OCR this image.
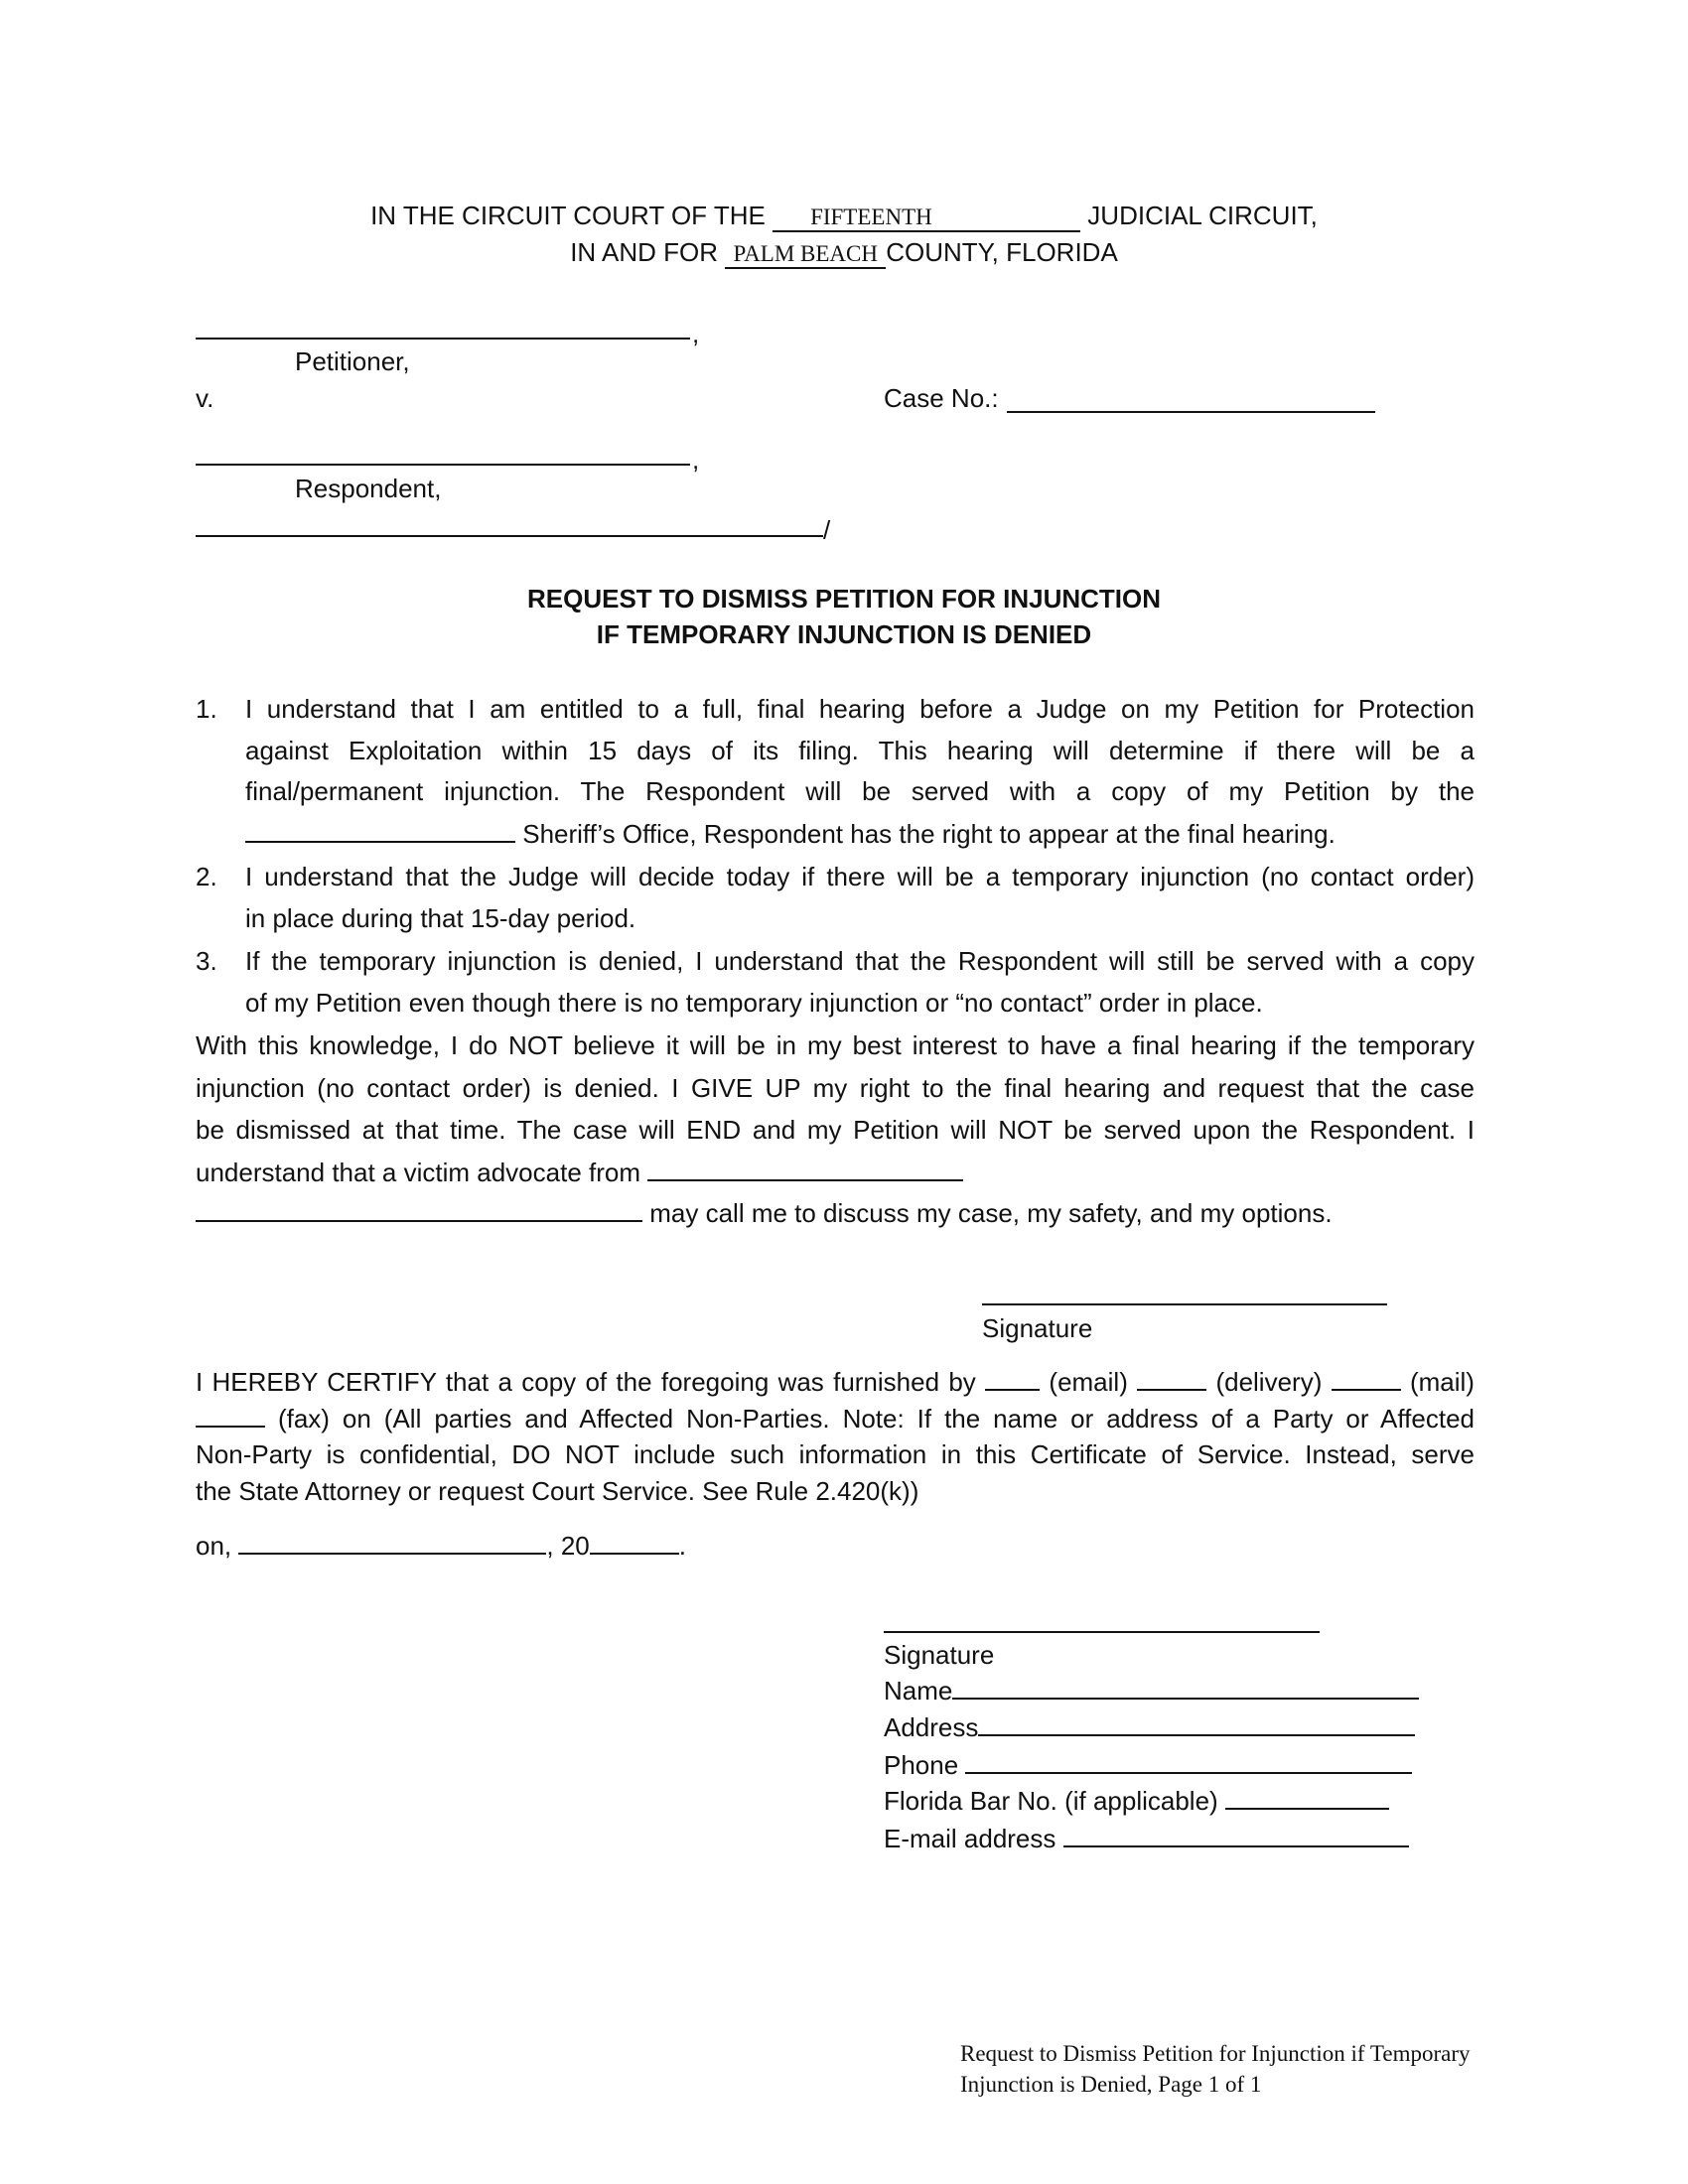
IN THE CIRCUIT COURT OF THE FIFTEENTH	JUDICIAL CIRCUIT,
IN AND FOR PALM BEACH COUNTY, FLORIDA
,
Petitioner,
v.	Case No.:
,
Respondent,
/
REQUEST TO DISMISS PETITION FOR INJUNCTION
IF TEMPORARY INJUNCTION IS DENIED
1. I understand that I am entitled to a full, final hearing before a Judge on my Petition for Protection
against Exploitation within 15 days of its filing. This hearing will determine if there will be a
final/permanent injunction. The Respondent will be served with a copy of my Petition by the
Sheriff’s Office, Respondent has the right to appear at the final hearing.
2. I understand that the Judge will decide today if there will be a temporary injunction (no contact order)
in place during that 15-day period.
3. If the temporary injunction is denied, I understand that the Respondent will still be served with a copy
of my Petition even though there is no temporary injunction or “no contact” order in place.
With this knowledge, I do NOT believe it will be in my best interest to have a final hearing if the temporary
injunction (no contact order) is denied. I GIVE UP my right to the final hearing and request that the case
be dismissed at that time. The case will END and my Petition will NOT be served upon the Respondent. I
understand that a victim advocate from
may call me to discuss my case, my safety, and my options.
Signature
I HEREBY CERTIFY that a copy of the foregoing was furnished by	(email)	(delivery)	(mail)
(fax) on (All parties and Affected Non-Parties. Note: If the name or address of a Party or Affected
Non-Party is confidential, DO NOT include such information in this Certificate of Service. Instead, serve
the State Attorney or request Court Service. See Rule 2.420(k))
on,	, 20	.
Signature
Name
Address
Phone
Florida Bar No. (if applicable)
E-mail address
Request to Dismiss Petition for Injunction if Temporary
Injunction is Denied, Page 1 of 1
